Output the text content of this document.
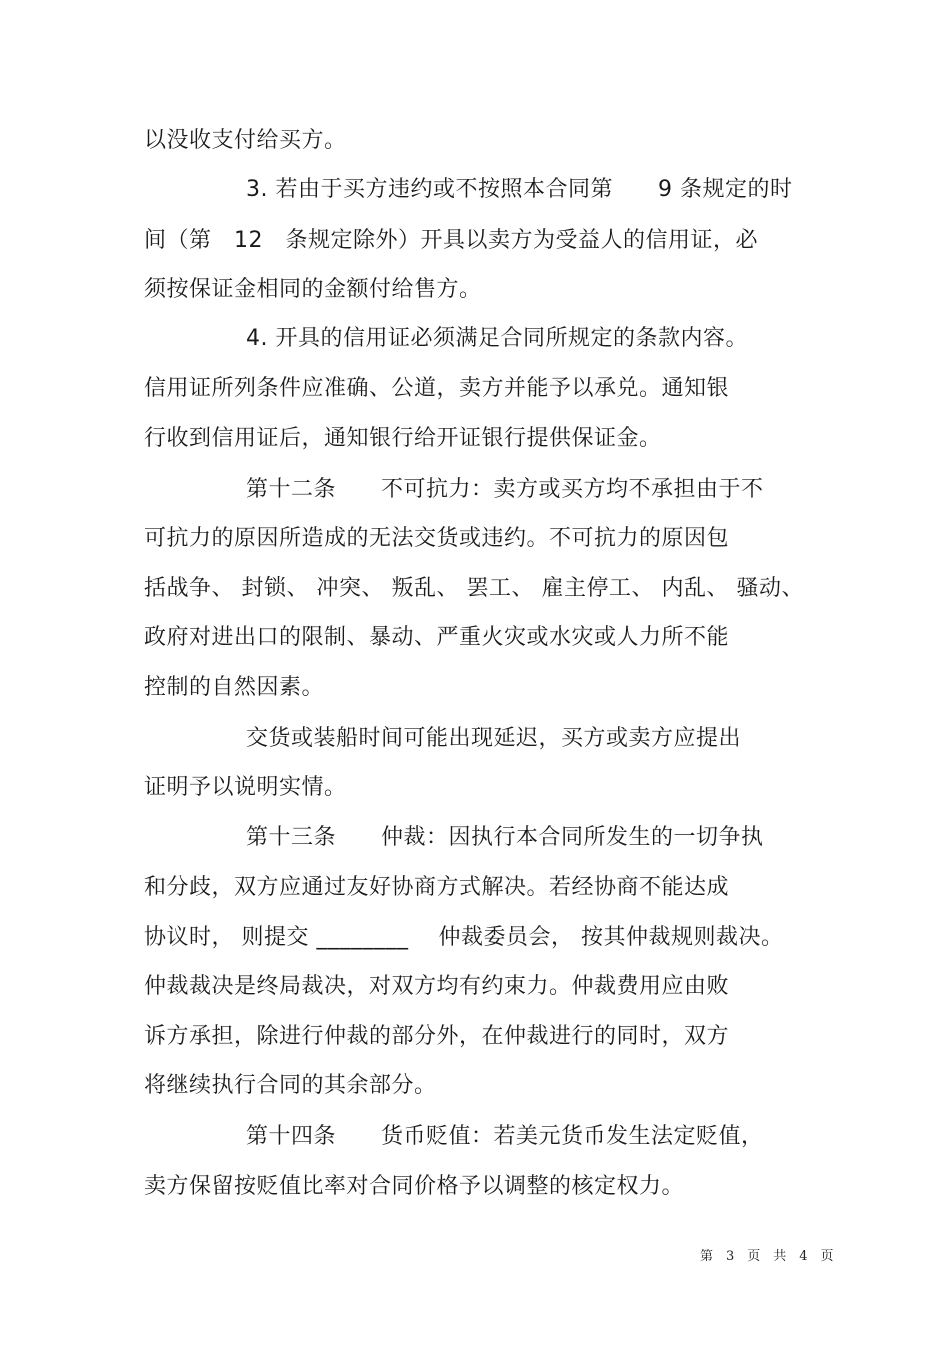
以没收支付给买方。
3. 若由于买方违约或不按照本合同第　　9 条规定的时
间（第　12　条规定除外）开具以卖方为受益人的信用证，必
须按保证金相同的金额付给售方。
4. 开具的信用证必须满足合同所规定的条款内容。
信用证所列条件应准确、公道，卖方并能予以承兑。通知银
行收到信用证后，通知银行给开证银行提供保证金。
第十二条　　不可抗力：卖方或买方均不承担由于不
可抗力的原因所造成的无法交货或违约。不可抗力的原因包
括战争、 封锁、 冲突、 叛乱、 罢工、 雇主停工、 内乱、 骚动、
政府对进出口的限制、暴动、严重火灾或水灾或人力所不能
控制的自然因素。
交货或装船时间可能出现延迟，买方或卖方应提出
证明予以说明实情。
第十三条　　仲裁：因执行本合同所发生的一切争执
和分歧，双方应通过友好协商方式解决。若经协商不能达成
协议时， 则提交 ________　 仲裁委员会， 按其仲裁规则裁决。
仲裁裁决是终局裁决，对双方均有约束力。仲裁费用应由败
诉方承担，除进行仲裁的部分外，在仲裁进行的同时，双方
将继续执行合同的其余部分。
第十四条　　货币贬值：若美元货币发生法定贬值，
卖方保留按贬值比率对合同价格予以调整的核定权力。
第　3　页　共　4　页
